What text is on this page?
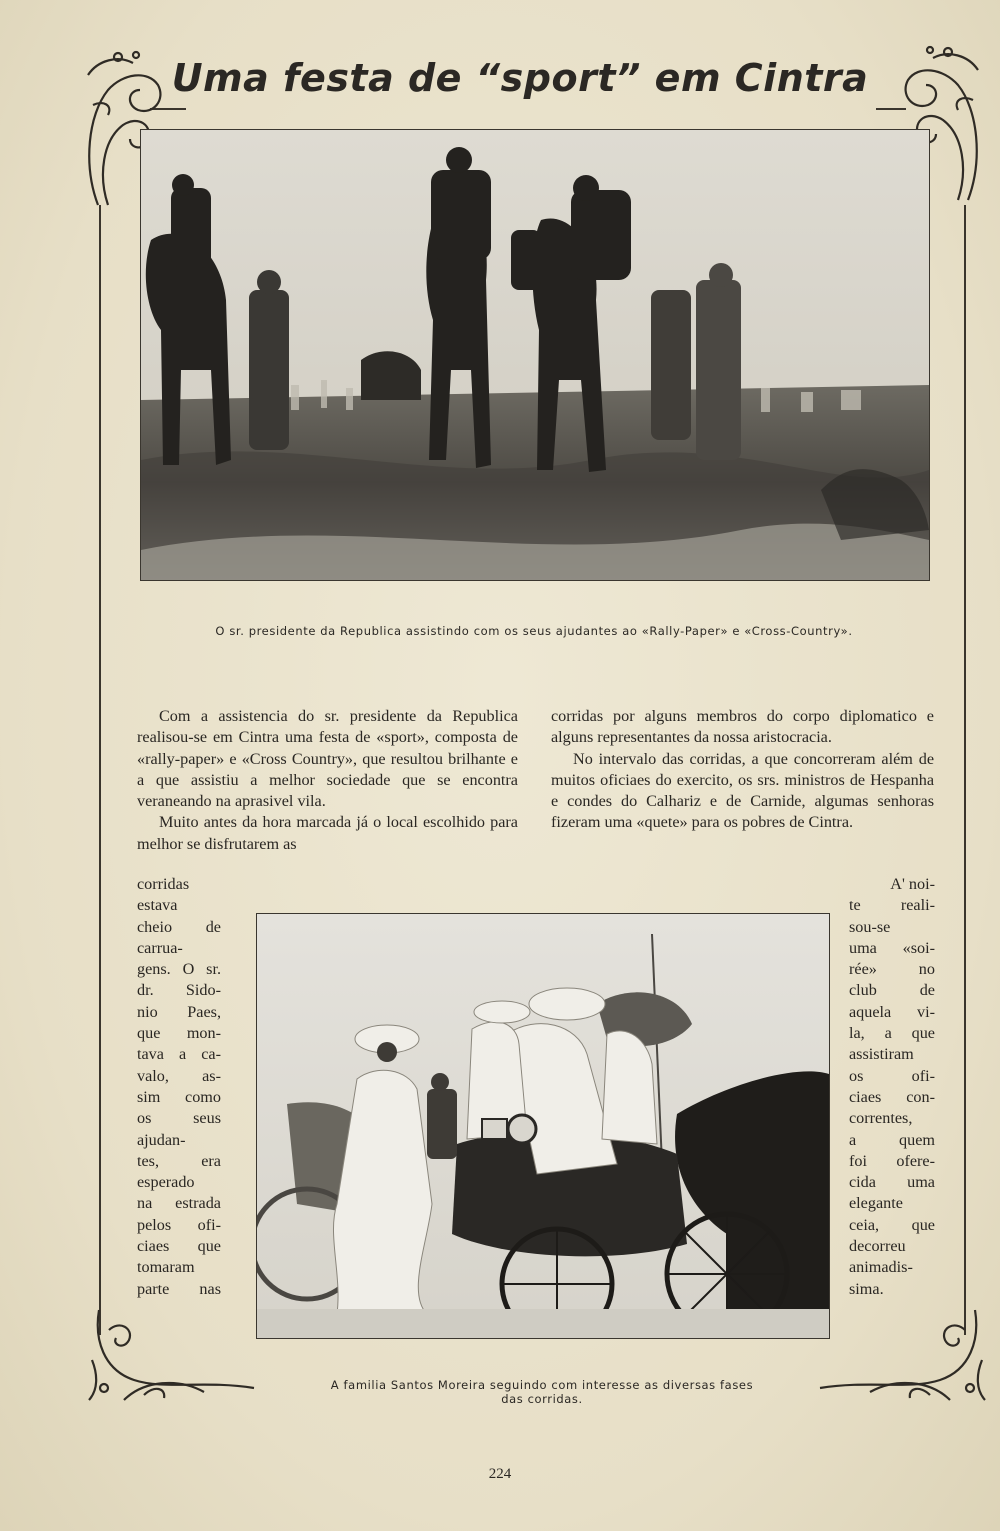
Uma festa de “sport” em Cintra
O sr. presidente da Republica assistindo com os seus ajudantes ao «Rally-Paper» e «Cross-Country».

Com a assistencia do sr. presidente da Republica realisou-se em Cintra uma festa de «sport», composta de «rally-paper» e «Cross Country», que resultou brilhante e a que assistiu a melhor sociedade que se encontra veraneando na aprasivel vila.

Muito antes da hora marcada já o local escolhido para melhor se disfrutarem as

corridas por alguns membros do corpo diplomatico e alguns representantes da nossa aristocracia.

No intervalo das corridas, a que concorreram além de muitos oficiaes do exercito, os srs. ministros de Hespanha e condes do Calhariz e de Carnide, algumas senhoras fizeram uma «quete» para os pobres de Cintra.

corridas
estava
cheio de
carrua-
gens. O sr.
dr. Sido-
nio Paes,
que mon-
tava a ca-
valo, as-
sim como
os seus
ajudan-
tes, era
esperado
na estrada
pelos ofi-
ciaes que
tomaram
parte nas
A' noi-
te reali-
sou-se
uma «soi-
rée» no
club de
aquela vi-
la, a que
assistiram
os ofi-
ciaes con-
correntes,
a quem
foi ofere-
cida uma
elegante
ceia, que
decorreu
animadis-
sima.
A familia Santos Moreira seguindo com interesse as diversas fases
das corridas.
224
